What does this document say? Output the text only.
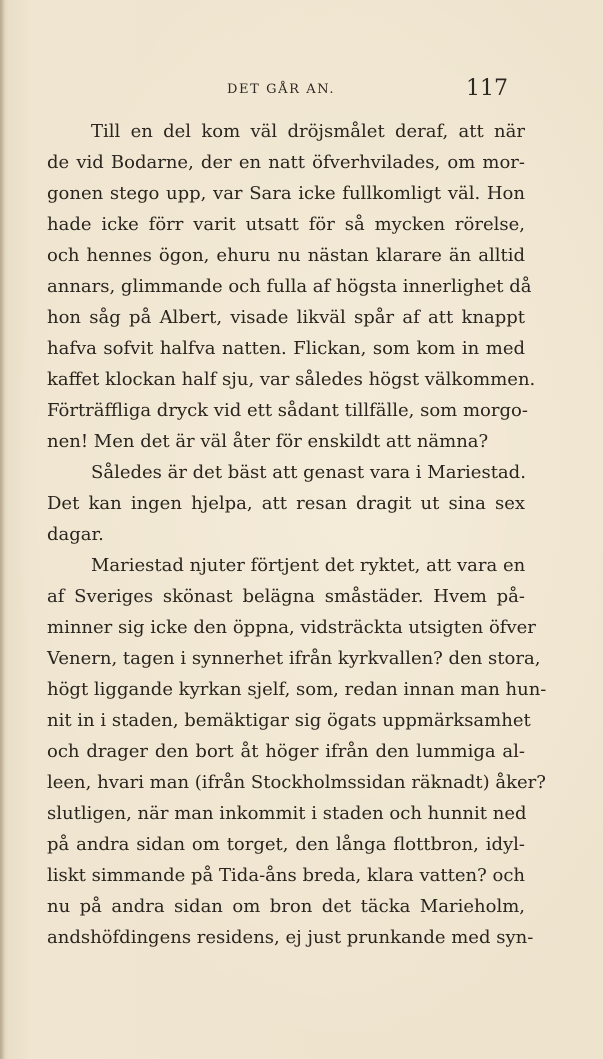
DET GÅR AN.	117
Till en del kom väl dröjsmålet deraf, att när
de vid Bodarne, der en natt öfverhvilades, om mor-
gonen stego upp, var Sara icke fullkomligt väl. Hon
hade icke förr varit utsatt för så mycken rörelse,
och hennes ögon, ehuru nu nästan klarare än alltid
annars, glimmande och fulla af högsta innerlighet då
hon såg på Albert, visade likväl spår af att knappt
hafva sofvit halfva natten. Flickan, som kom in med
kaffet klockan half sju, var således högst välkommen.
Förträffliga dryck vid ett sådant tillfälle, som morgo-
nen! Men det är väl åter för enskildt att nämna?
Således är det bäst att genast vara i Mariestad.
Det kan ingen hjelpa, att resan dragit ut sina sex
dagar.
Mariestad njuter förtjent det ryktet, att vara en
af Sveriges skönast belägna småstäder. Hvem på-
minner sig icke den öppna, vidsträckta utsigten öfver
Venern, tagen i synnerhet ifrån kyrkvallen? den stora,
högt liggande kyrkan sjelf, som, redan innan man hun-
nit in i staden, bemäktigar sig ögats uppmärksamhet
och drager den bort åt höger ifrån den lummiga al-
leen, hvari man (ifrån Stockholmssidan räknadt) åker?
slutligen, när man inkommit i staden och hunnit ned
på andra sidan om torget, den långa flottbron, idyl-
liskt simmande på Tida-åns breda, klara vatten? och
nu på andra sidan om bron det täcka Marieholm,
andshöfdingens residens, ej just prunkande med syn-
